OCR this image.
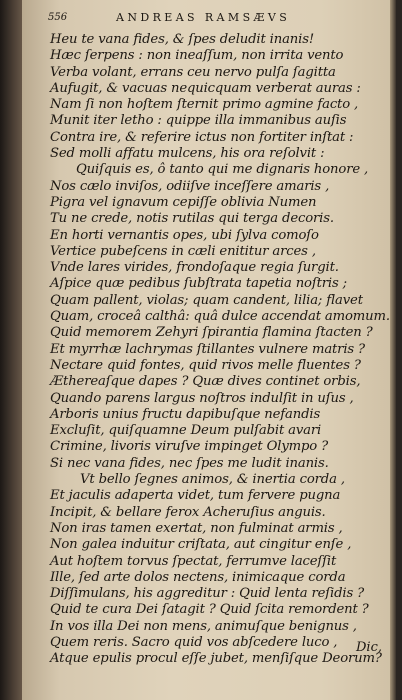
556	ANDREAS RAMSÆVS
Heu te vana fides, & ſpes deludit inanis!
Hæc ſerpens : non ineaſſum, non irrita vento
Verba volant, errans ceu nervo pulſa ſagitta
Aufugit, & vacuas nequicquam verberat auras :
Nam ſi non hoſtem ſternit primo agmine facto ,
Munit iter letho : quippe illa immanibus auſis
Contra ire, & referire ictus non fortiter inſtat :
Sed molli affatu mulcens, his ora reſolvit :
Quiſquis es, ô tanto qui me dignaris honore ,
Nos cælo inviſos, odiiſve inceſſere amaris ,
Pigra vel ignavum cepiſſe oblivia Numen
Tu ne crede, notis rutilas qui terga decoris.
En horti vernantis opes, ubi ſylva comoſo
Vertice pubeſcens in cæli enititur arces ,
Vnde lares virides, frondoſaque regia ſurgit.
Aſpice quæ pedibus ſubſtrata tapetia noſtris ;
Quam pallent, violas; quam candent, lilia; flavet
Quam, croceâ calthâ: quâ dulce accendat amomum.
Quid memorem Zehyri ſpirantia flamina ſtacten ?
Et myrrhæ lachrymas ſtillantes vulnere matris ?
Nectare quid fontes, quid rivos melle fluentes ?
Æthereaſque dapes ? Quæ dives continet orbis,
Quando parens largus noſtros indulſit in uſus ,
Arboris unius fructu dapibuſque nefandis
Excluſit, quiſquamne Deum pulſabit avari
Crimine, livoris viruſve impinget Olympo ?
Si nec vana fides, nec ſpes me ludit inanis.
Vt bello ſegnes animos, & inertia corda ,
Et jaculis adaperta videt, tum fervere pugna
Incipit, & bellare ferox Acheruſius anguis.
Non iras tamen exertat, non fulminat armis ,
Non galea induitur criſtata, aut cingitur enſe ,
Aut hoſtem torvus ſpectat, ferrumve laceſſit
Ille, ſed arte dolos nectens, inimicaque corda
Diſſimulans, his aggreditur : Quid lenta reſidis ?
Quid te cura Dei ſatagit ? Quid ſcita remordent ?
In vos illa Dei non mens, animuſque benignus ,
Quem reris. Sacro quid vos abſcedere luco ,
Atque epulis procul eſſe jubet, menſiſque Deorum?
Dic,
